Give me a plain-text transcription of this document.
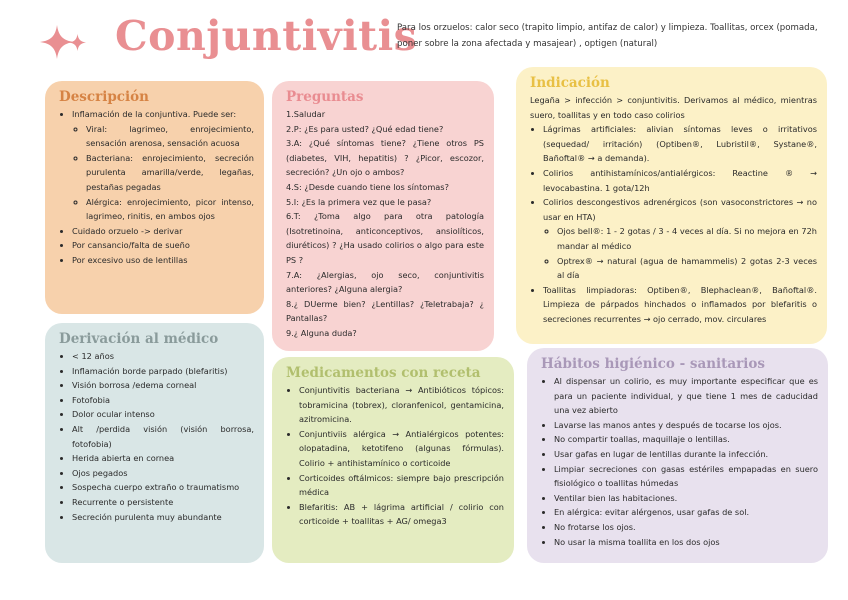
Conjuntivitis
Para los orzuelos: calor seco (trapito limpio, antifaz de calor) y limpieza. Toallitas, orcex (pomada, poner sobre la zona afectada y masajear) , optigen (natural)
Descripción
• Inflamación de la conjuntiva. Puede ser:
◦ Viral: lagrimeo, enrojecimiento, sensación arenosa, sensación acuosa
◦ Bacteriana: enrojecimiento, secreción purulenta amarilla/verde, legañas, pestañas pegadas
◦ Alérgica: enrojecimiento, picor intenso, lagrimeo, rinitis, en ambos ojos
• Cuidado orzuelo -> derivar
• Por cansancio/falta de sueño
• Por excesivo uso de lentillas
Preguntas
1.Saludar
2.P: ¿Es para usted? ¿Qué edad tiene?
3.A: ¿Qué síntomas tiene? ¿Tiene otros PS (diabetes, VIH, hepatitis) ? ¿Picor, escozor, secreción? ¿Un ojo o ambos?
4.S: ¿Desde cuando tiene los síntomas?
5.I: ¿Es la primera vez que le pasa?
6.T: ¿Toma algo para otra patología (Isotretinoina, anticonceptivos, ansiolíticos, diuréticos) ? ¿Ha usado colirios o algo para este PS ?
7.A: ¿Alergias, ojo seco, conjuntivitis anteriores? ¿Alguna alergia?
8.¿ DUerme bien? ¿Lentillas? ¿Teletrabaja? ¿ Pantallas?
9.¿ Alguna duda?
Indicación

Legaña > infección > conjuntivitis. Derivamos al médico, mientras suero, toallitas y en todo caso colirios

• Lágrimas artificiales: alivian síntomas leves o irritativos (sequedad/ irritación) (Optiben®, Lubristil®, Systane®, Bañoftal® → a demanda).
• Colirios antihistamínicos/antialérgicos: Reactine ® → levocabastina. 1 gota/12h
• Colirios descongestivos adrenérgicos (son vasoconstrictores → no usar en HTA)
◦ Ojos bell®: 1 - 2 gotas / 3 - 4 veces al día. Si no mejora en 72h mandar al médico
◦ Optrex® → natural (agua de hamammelis) 2 gotas 2-3 veces al día
• Toallitas limpiadoras: Optiben®, Blephaclean®, Bañoftal®. Limpieza de párpados hinchados o inflamados por blefaritis o secreciones recurrentes → ojo cerrado, mov. circulares
Derivación al médico
• < 12 años
• Inflamación borde parpado (blefaritis)
• Visión borrosa /edema corneal
• Fotofobia
• Dolor ocular intenso
• Alt /perdida visión (visión borrosa, fotofobia)
• Herida abierta en cornea
• Ojos pegados
• Sospecha cuerpo extraño o traumatismo
• Recurrente o persistente
• Secreción purulenta muy abundante
Medicamentos con receta
• Conjuntivitis bacteriana → Antibióticos tópicos: tobramicina (tobrex), cloranfenicol, gentamicina, azitromicina.
• Conjuntiviis alérgica → Antialérgicos potentes: olopatadina, ketotifeno (algunas fórmulas). Colirio + antihistamínico o corticoide
• Corticoides oftálmicos: siempre bajo prescripción médica
• Blefaritis: AB + lágrima artificial / colirio con corticoide + toallitas + AG/ omega3
Hábitos higiénico - sanitarios
• Al dispensar un colirio, es muy importante especificar que es para un paciente individual, y que tiene 1 mes de caducidad una vez abierto
• Lavarse las manos antes y después de tocarse los ojos.
• No compartir toallas, maquillaje o lentillas.
• Usar gafas en lugar de lentillas durante la infección.
• Limpiar secreciones con gasas estériles empapadas en suero fisiológico o toallitas húmedas
• Ventilar bien las habitaciones.
• En alérgica: evitar alérgenos, usar gafas de sol.
• No frotarse los ojos.
• No usar la misma toallita en los dos ojos
